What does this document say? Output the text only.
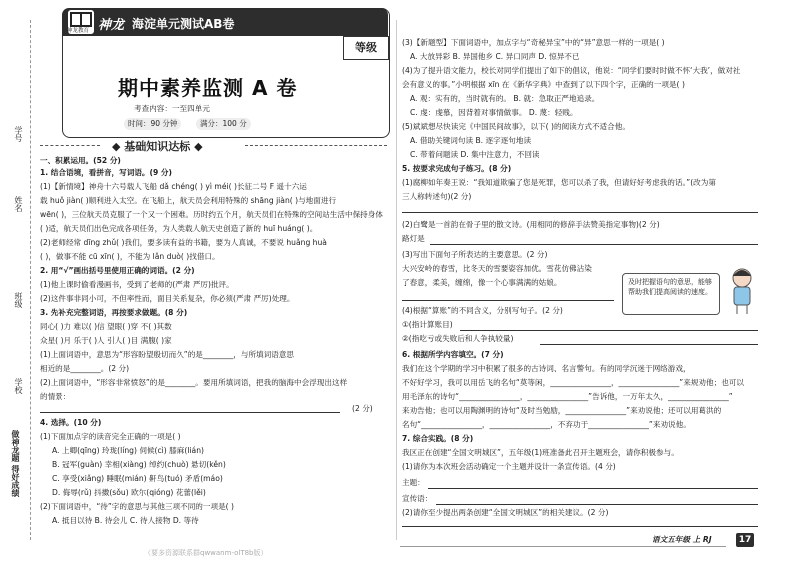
学号
姓名
班级
学校
做神龙题 得好成绩
神龙教育 神龙 海淀单元测试AB卷
等级
期中素养监测 A 卷
考查内容：一至四单元
时间：90 分钟	满分：100 分
◆ 基础知识达标 ◆
一、积累运用。(52 分)
1. 结合语境，看拼音，写词语。(9 分)
(1)【新情境】神舟十六号载人飞船 dǎ chéng( ) yì méi( )长征二号 F 遥十六运
载 huǒ jiàn( )顺利进入太空。在飞船上，航天员会利用特殊的 shāng jiàn( )与地面进行
wēn( )，三位航天员克服了一个又一个困难。历时约五个月，航天员们在特殊的空间站生活中保持身体
( )适，航天员们出色完成各项任务，为人类载人航天史创造了新的 huī huáng( )。
(2)老师经常 dīng zhǔ( )我们，要多读有益的书籍，要为人真诚，不要说 huǎng huà
( )，做事不能 cū xīn( )，不能为 lǎn duò( )找借口。
2. 用“√”画出括号里使用正确的词语。(2 分)
(1)他上课时偷看漫画书，受到了老师的(严肃 严厉)批评。
(2)这件事非同小可，不但率性而，面目关系复杂，你必须(严肃 严厉)处理。
3. 先补充完整词语，再按要求做题。(8 分)
同心( )力 难以( )信 望眼( )穿 不( )其数
众星( )月 乐于( )人 引人( )目 满腹( )家
(1)上面词语中，意思为“形容盼望殷切而久”的是________，与所填词语意思
相近的是________。(2 分)
(2)上面词语中，“形容非常愤怒”的是________。要用所填词语，把我的脑海中会浮现出这样
的情景：
(2 分)
4. 选择。(10 分)
(1)下面加点字的读音完全正确的一项是( )
A. 上卿(qīng) 玲珑(líng) 伺候(cì) 膝麻(lián)
B. 冠军(guàn) 幸相(xiàng) 绰约(chuò) 悬切(kěn)
C. 享受(xiǎng) 睡眠(mián) 鼾鸟(tuó) 矛盾(máo)
D. 侮辱(rǔ) 抖擞(sǒu) 欧尔(qióng) 花蕾(lěi)
(2)下面词语中，“待”字的意思与其他三项不同的一项是( )
A. 抵目以待 B. 待会儿 C. 待人接物 D. 等待
（要多资源联系群qwwanm-olT8b版）
(3)【新题型】下面词语中，加点字与“奇秘异宝”中的“异”意思一样的一项是( )
A. 大放异彩 B. 异国他乡 C. 异口同声 D. 惊异不已
(4)为了提升语文能力，校长对同学们提出了如下的倡议，他说：“同学们要时时做不怀‘大我’，做对社
会有意义的事。”小明根据 xīn 在《新华字典》中查到了以下四个字，正确的一项是( )
A. 观：实有的，当时就有的。 B. 就：急取正严地追录。
C. 虔：虔慕，因背着对事情做事。 D. 蔑：轻贱。
(5)斌斌想尽快读完《中国民间故事》，以下( )的阅读方式不适合他。
A. 借助关键词句读 B. 逐字逐句地读
C. 带着问题读 D. 集中注意力，不回读
5. 按要求完成句子练习。(8 分)
(1)腐柳如年奏王说：“我知道欺骗了您是死罪，您可以杀了我，但请好好考虑我的话。”(改为第
三人称转述句)(2 分)
(2)白鹭是一首韵在骨子里的散文诗。(用相同的修辞手法赞美指定事物)(2 分)
路灯是
(3)写出下面句子所表达的主要意思。(2 分)
大兴安岭的春雪，比冬天的雪要姿容加优。雪花仿佛沾染
了春意，柔美，缠绵，像一个心事满满的姑娘。	及时把握语句的意思，能够帮助我们提高阅读的速度。
(4)根据“算账”的不同含义，分别写句子。(2 分)
①(指计算账目)
②(指吃亏或失败后和人争执较量)
6. 根据所学内容填空。(7 分)
我们在这个学期的学习中积累了很多的古诗词、名言警句。有的同学沉迷于网络游戏，
不好好学习，我可以用岳飞的名句“莫等闲，________________，________________”来规劝他；也可以
用毛泽东的诗句“________________，________________”告诉他，一万年太久，________________”
来劝告他；也可以用陶渊明的诗句“及时当勉励，________________”来劝说他；还可以用葛洪的
名句“________________，________________，不弃功于________________”来劝说他。
7. 综合实践。(8 分)
我区正在创建“全国文明城区”，五年级(1)班准备此召开主题班会，请你积极参与。
(1)请你为本次班会活动确定一个主题并设计一条宣传语。(4 分)
主题：
宣传语：
(2)请你至少提出两条创建“全国文明城区”的相关建议。(2 分)
语文五年级 上 RJ	17
